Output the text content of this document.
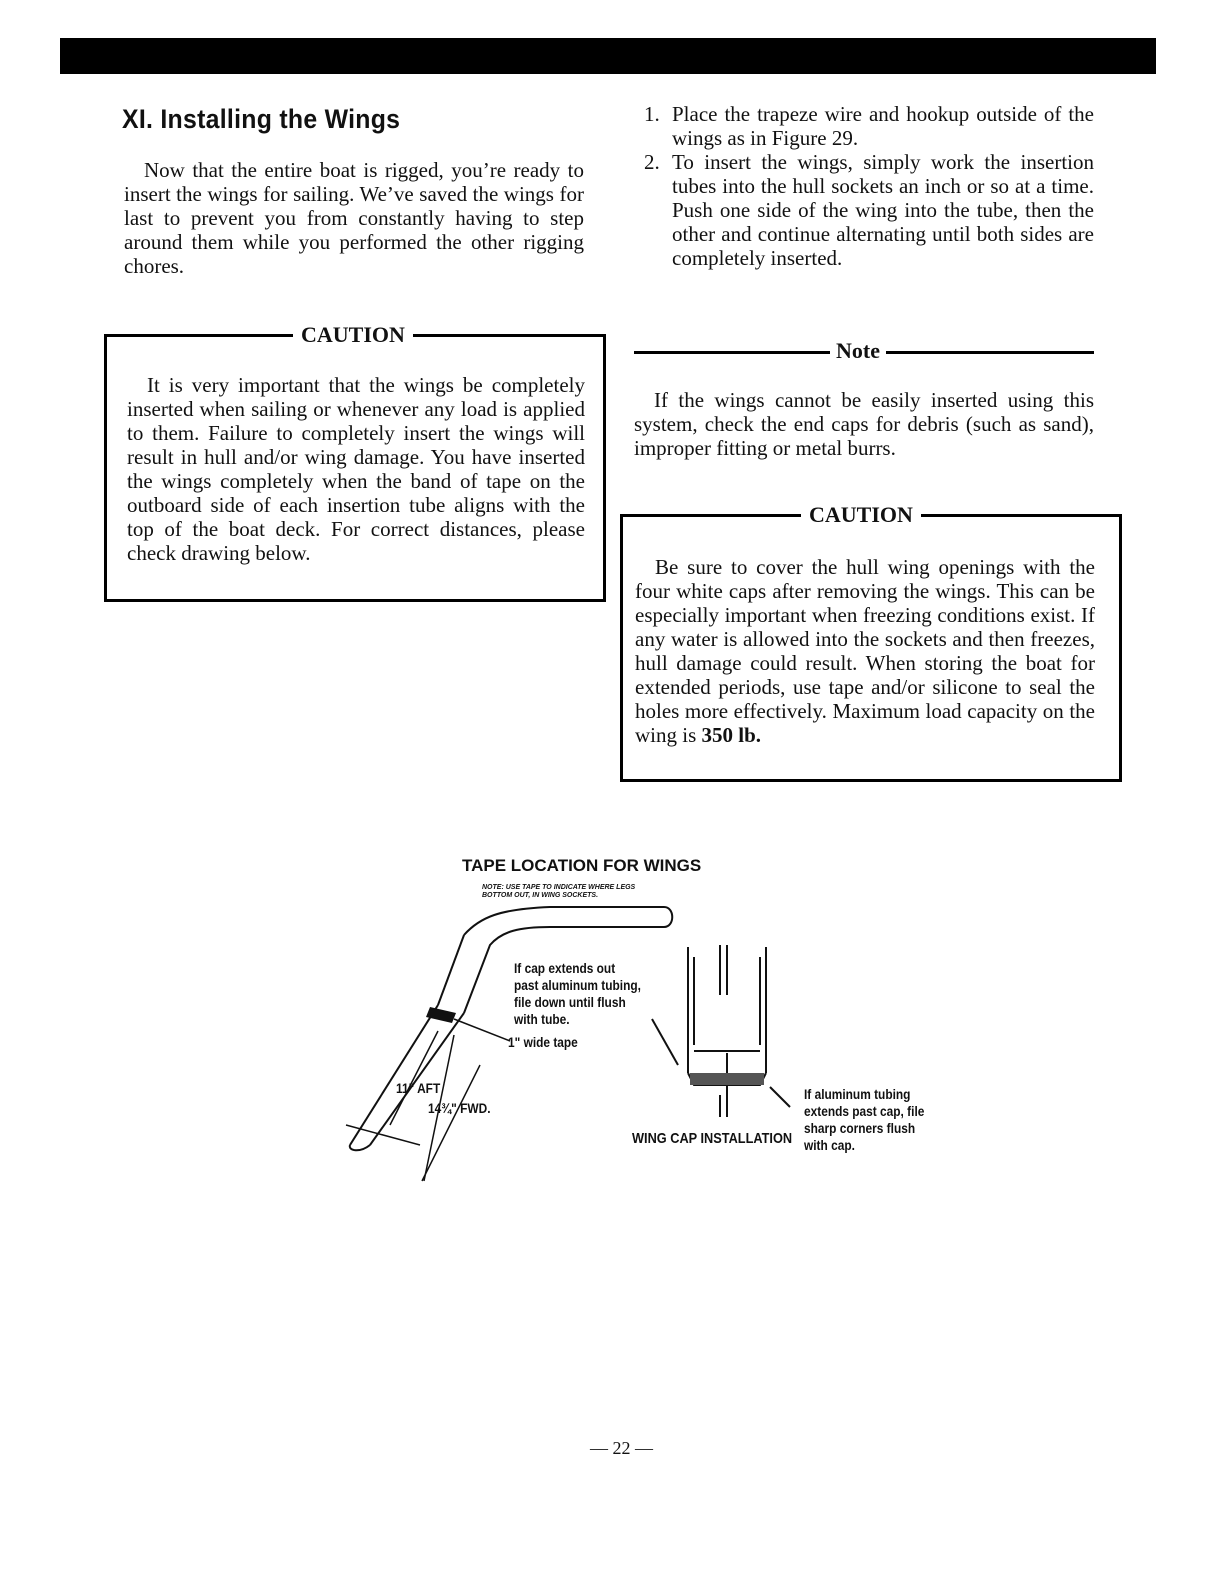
XI. Installing the Wings

Now that the entire boat is rigged, you’re ready to insert the wings for sailing. We’ve saved the wings for last to prevent you from constantly having to step around them while you performed the other rigging chores.

CAUTION

It is very important that the wings be completely inserted when sailing or whenever any load is applied to them. Failure to completely insert the wings will result in hull and/or wing damage. You have inserted the wings completely when the band of tape on the outboard side of each insertion tube aligns with the top of the boat deck. For correct distances, please check drawing below.

1. Place the trapeze wire and hookup outside of the wings as in Figure 29.
2. To insert the wings, simply work the insertion tubes into the hull sockets an inch or so at a time. Push one side of the wing into the tube, then the other and continue alternating until both sides are completely inserted.
Note

If the wings cannot be easily inserted using this system, check the end caps for debris (such as sand), improper fitting or metal burrs.

CAUTION

Be sure to cover the hull wing openings with the four white caps after removing the wings. This can be especially important when freezing conditions exist. If any water is allowed into the sockets and then freezes, hull damage could result. When storing the boat for extended periods, use tape and/or silicone to seal the holes more effectively. Maximum load capacity on the wing is 350 lb.

TAPE LOCATION FOR WINGS
NOTE: USE TAPE TO INDICATE WHERE LEGS
BOTTOM OUT, IN WING SOCKETS.
If cap extends out
past aluminum tubing,
file down until flush
with tube.
1" wide tape
11" AFT
14¾" FWD.
If aluminum tubing
extends past cap, file
sharp corners flush
with cap.
WING CAP INSTALLATION
— 22 —
